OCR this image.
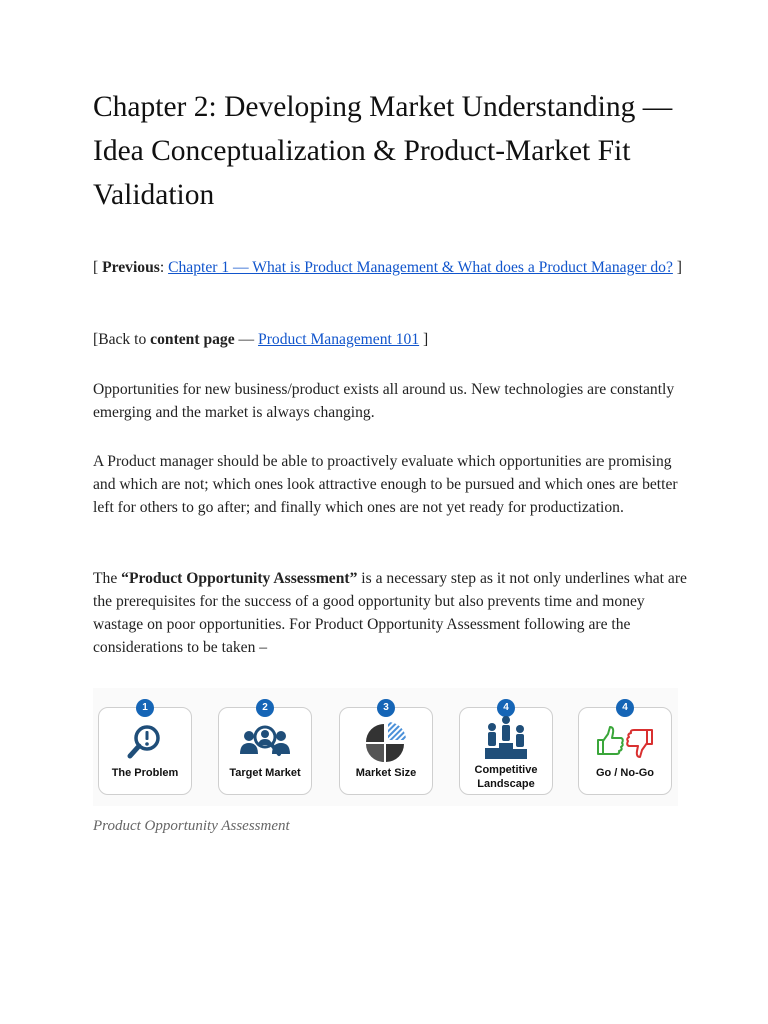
Chapter 2: Developing Market Understanding — Idea Conceptualization & Product-Market Fit Validation

[ Previous: Chapter 1 — What is Product Management & What does a Product Manager do? ]

[Back to content page — Product Management 101 ]

Opportunities for new business/product exists all around us. New technologies are constantly emerging and the market is always changing.

A Product manager should be able to proactively evaluate which opportunities are promising and which are not; which ones look attractive enough to be pursued and which ones are better left for others to go after; and finally which ones are not yet ready for productization.

The “Product Opportunity Assessment” is a necessary step as it not only underlines what are the prerequisites for the success of a good opportunity but also prevents time and money wastage on poor opportunities. For Product Opportunity Assessment following are the considerations to be taken –

1
The Problem
2
Target Market
3
Market Size
4
Competitive Landscape
4
Go / No-Go

Product Opportunity Assessment
